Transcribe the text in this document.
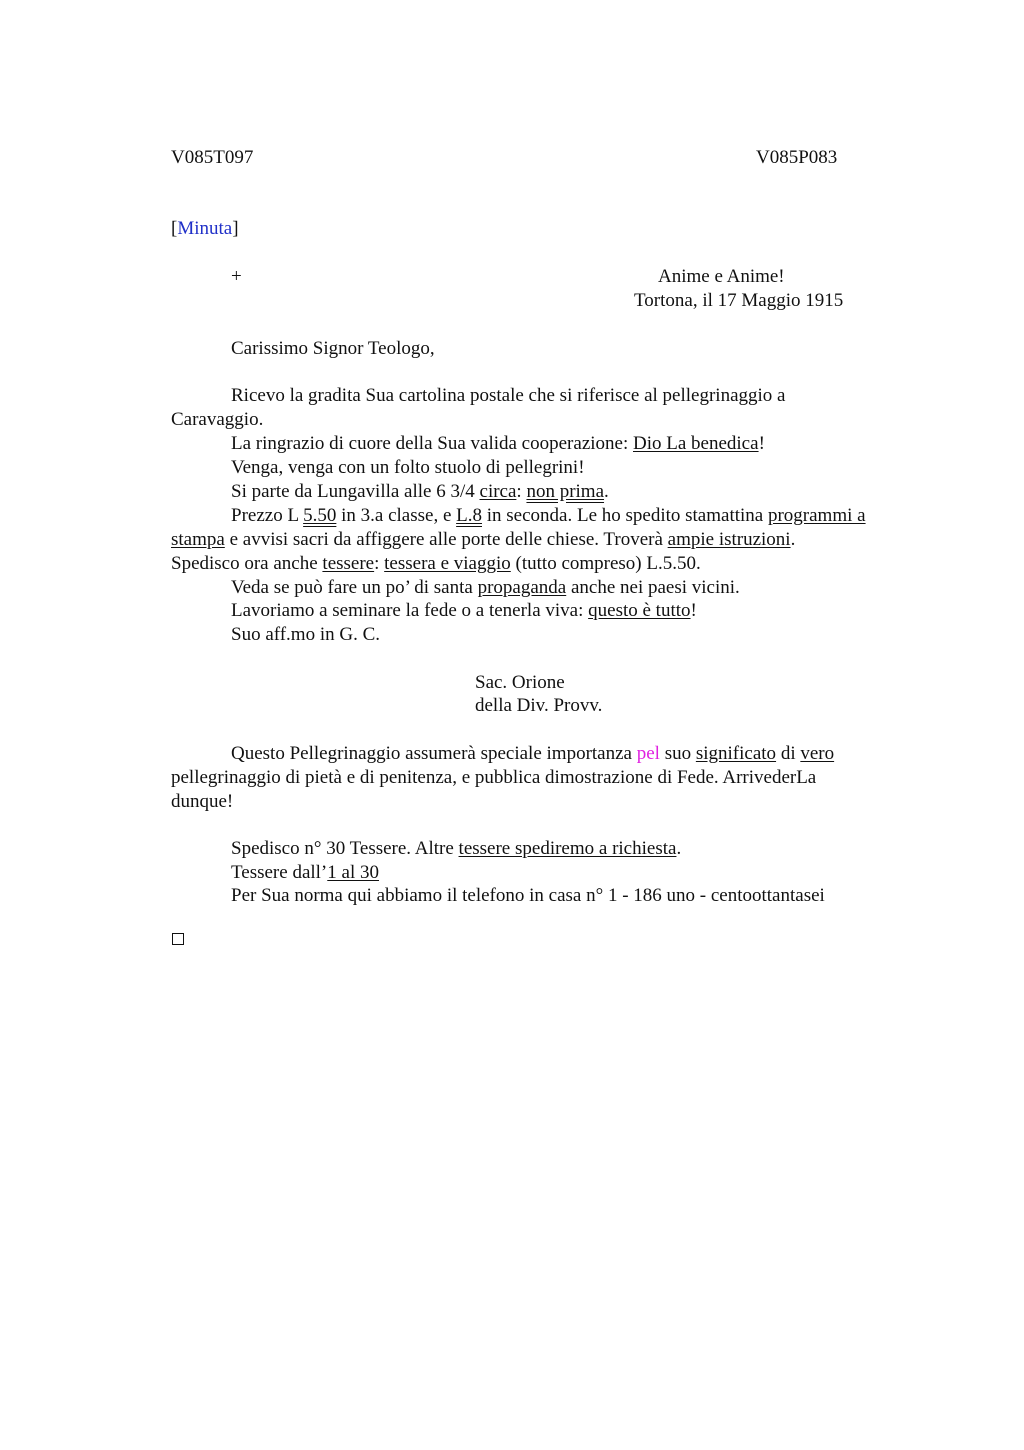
V085T097	V085P083
[Minuta]
+	Anime e Anime!
Tortona, il 17 Maggio 1915
Carissimo Signor Teologo,
Ricevo la gradita Sua cartolina postale che si riferisce al pellegrinaggio a
Caravaggio.
La ringrazio di cuore della Sua valida cooperazione: Dio La benedica!
Venga, venga con un folto stuolo di pellegrini!
Si parte da Lungavilla alle 6 3/4 circa: non prima.
Prezzo L 5.50 in 3.a classe, e L.8 in seconda. Le ho spedito stamattina programmi a
stampa e avvisi sacri da affiggere alle porte delle chiese. Troverà ampie istruzioni.
Spedisco ora anche tessere: tessera e viaggio (tutto compreso) L.5.50.
Veda se può fare un po’ di santa propaganda anche nei paesi vicini.
Lavoriamo a seminare la fede o a tenerla viva: questo è tutto!
Suo aff.mo in G. C.
Sac. Orione
della Div. Provv.
Questo Pellegrinaggio assumerà speciale importanza pel suo significato di vero
pellegrinaggio di pietà e di penitenza, e pubblica dimostrazione di Fede. ArrivederLa
dunque!
Spedisco n° 30 Tessere. Altre tessere spediremo a richiesta.
Tessere dall’1 al 30
Per Sua norma qui abbiamo il telefono in casa n° 1 - 186 uno - centoottantasei
